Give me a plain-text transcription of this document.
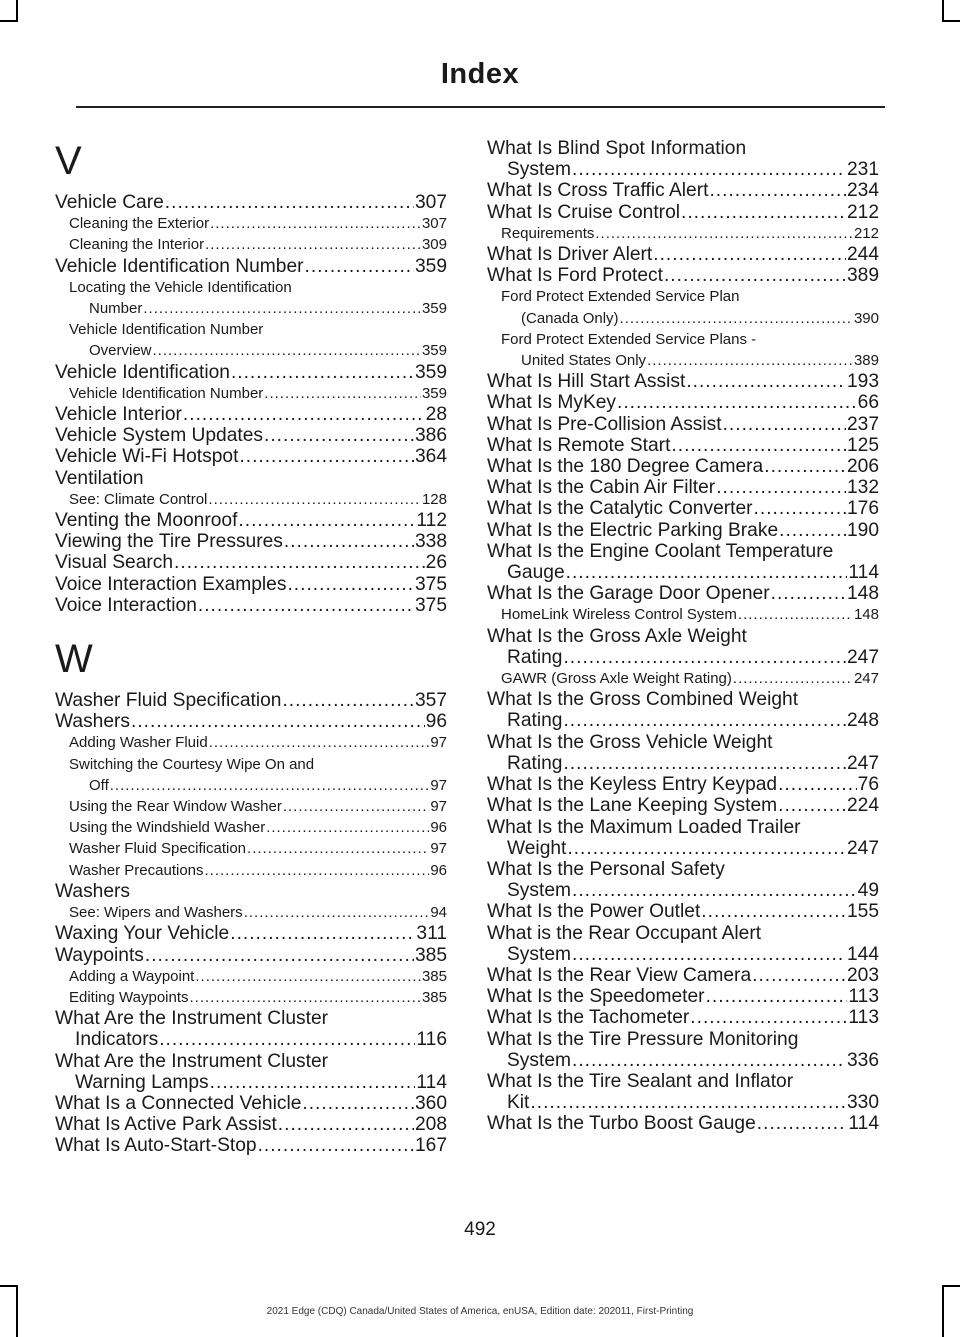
Index
V
Vehicle Care .....	307
Cleaning the Exterior .....	307
Cleaning the Interior .....	309
Vehicle Identification Number .....	359
Locating the Vehicle Identification
Number .....	359
Vehicle Identification Number
Overview .....	359
Vehicle Identification .....	359
Vehicle Identification Number .....	359
Vehicle Interior .....	28
Vehicle System Updates .....	386
Vehicle Wi-Fi Hotspot .....	364
Ventilation
See: Climate Control .....	128
Venting the Moonroof .....	112
Viewing the Tire Pressures .....	338
Visual Search .....	26
Voice Interaction Examples .....	375
Voice Interaction .....	375
W
Washer Fluid Specification .....	357
Washers .....	96
Adding Washer Fluid .....	97
Switching the Courtesy Wipe On and
Off .....	97
Using the Rear Window Washer .....	97
Using the Windshield Washer .....	96
Washer Fluid Specification .....	97
Washer Precautions .....	96
Washers
See: Wipers and Washers .....	94
Waxing Your Vehicle .....	311
Waypoints .....	385
Adding a Waypoint .....	385
Editing Waypoints .....	385
What Are the Instrument Cluster
Indicators .....	116
What Are the Instrument Cluster
Warning Lamps .....	114
What Is a Connected Vehicle .....	360
What Is Active Park Assist .....	208
What Is Auto-Start-Stop .....	167
What Is Blind Spot Information
System .....	231
What Is Cross Traffic Alert .....	234
What Is Cruise Control .....	212
Requirements .....	212
What Is Driver Alert .....	244
What Is Ford Protect .....	389
Ford Protect Extended Service Plan
(Canada Only) .....	390
Ford Protect Extended Service Plans -
United States Only .....	389
What Is Hill Start Assist .....	193
What Is MyKey .....	66
What Is Pre-Collision Assist .....	237
What Is Remote Start .....	125
What Is the 180 Degree Camera .....	206
What Is the Cabin Air Filter .....	132
What Is the Catalytic Converter .....	176
What Is the Electric Parking Brake .....	190
What Is the Engine Coolant Temperature
Gauge .....	114
What Is the Garage Door Opener .....	148
HomeLink Wireless Control System .....	148
What Is the Gross Axle Weight
Rating .....	247
GAWR (Gross Axle Weight Rating) .....	247
What Is the Gross Combined Weight
Rating .....	248
What Is the Gross Vehicle Weight
Rating .....	247
What Is the Keyless Entry Keypad .....	76
What Is the Lane Keeping System .....	224
What Is the Maximum Loaded Trailer
Weight .....	247
What Is the Personal Safety
System .....	49
What Is the Power Outlet .....	155
What is the Rear Occupant Alert
System .....	144
What Is the Rear View Camera .....	203
What Is the Speedometer .....	113
What Is the Tachometer .....	113
What Is the Tire Pressure Monitoring
System .....	336
What Is the Tire Sealant and Inflator
Kit .....	330
What Is the Turbo Boost Gauge .....	114
492
2021 Edge (CDQ) Canada/United States of America, enUSA, Edition date: 202011, First-Printing
